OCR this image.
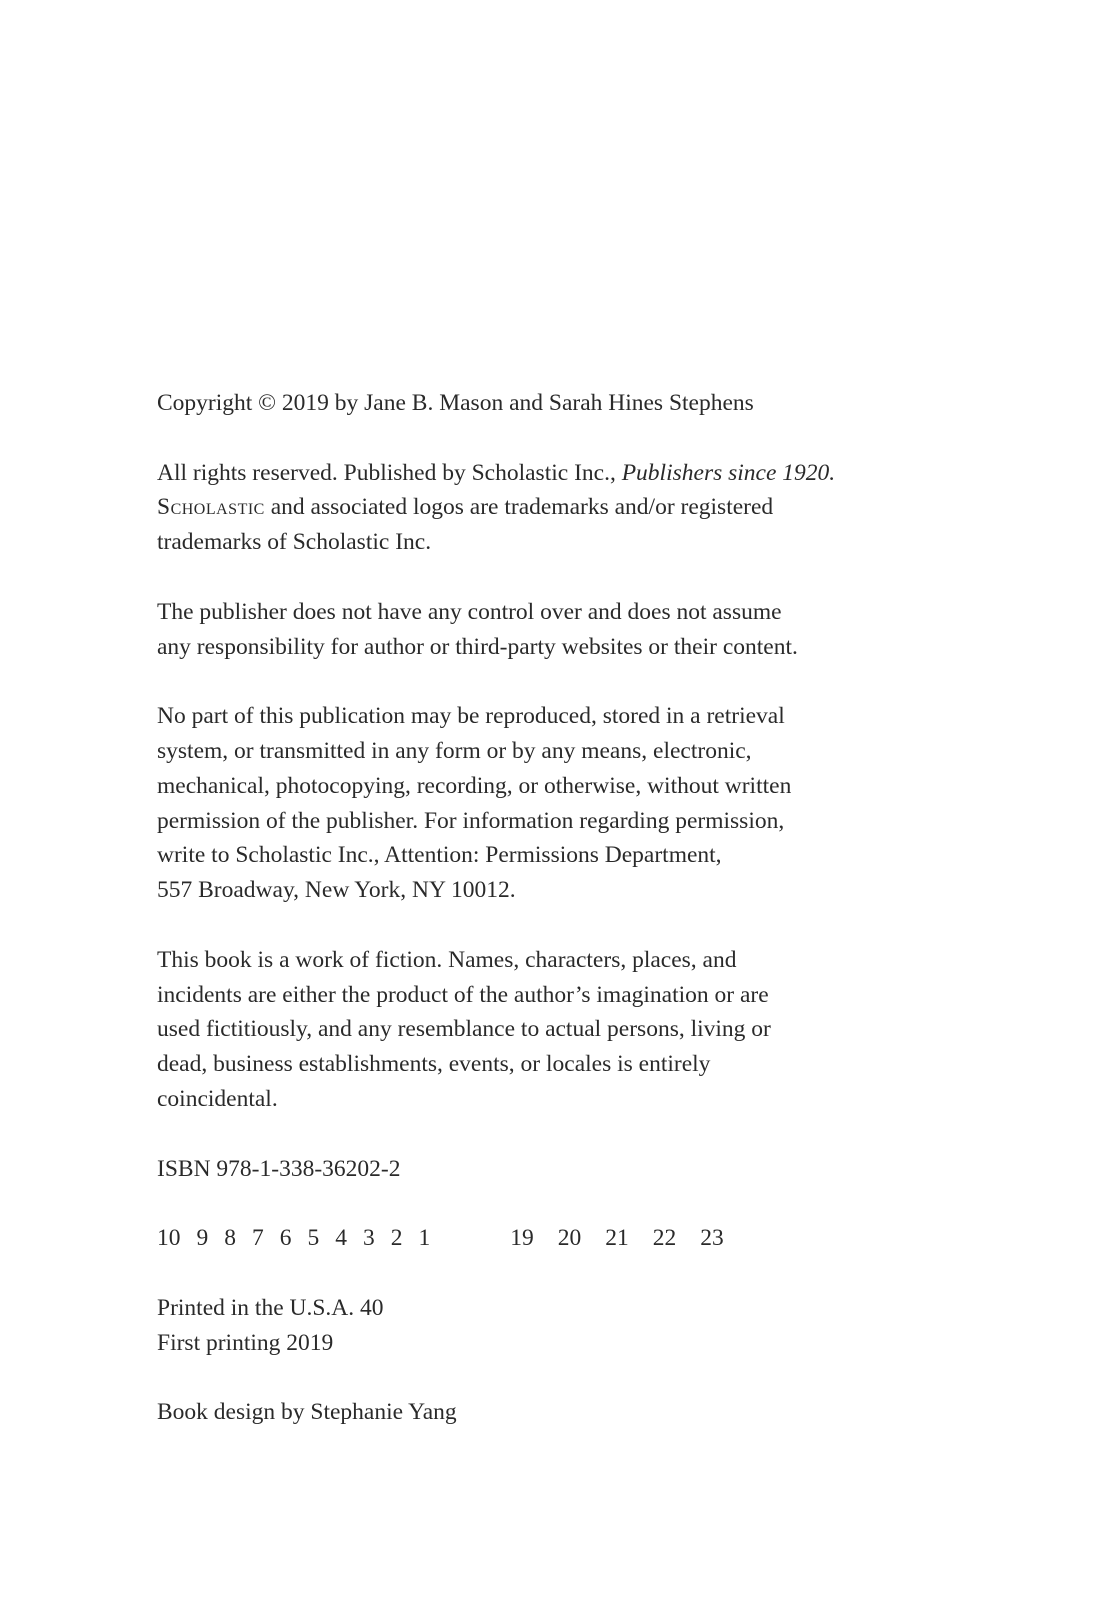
Copyright © 2019 by Jane B. Mason and Sarah Hines Stephens

All rights reserved. Published by Scholastic Inc., Publishers since 1920.
Scholastic and associated logos are trademarks and/or registered
trademarks of Scholastic Inc.

The publisher does not have any control over and does not assume
any responsibility for author or third-party websites or their content.

No part of this publication may be reproduced, stored in a retrieval
system, or transmitted in any form or by any means, electronic,
mechanical, photocopying, recording, or otherwise, without written
permission of the publisher. For information regarding permission,
write to Scholastic Inc., Attention: Permissions Department,
557 Broadway, New York, NY 10012.

This book is a work of fiction. Names, characters, places, and
incidents are either the product of the author’s imagination or are
used fictitiously, and any resemblance to actual persons, living or
dead, business establishments, events, or locales is entirely
coincidental.

ISBN 978-1-338-36202-2

10 9 8 7 6 5 4 3 2 1	19 20 21 22 23

Printed in the U.S.A. 40
First printing 2019

Book design by Stephanie Yang
